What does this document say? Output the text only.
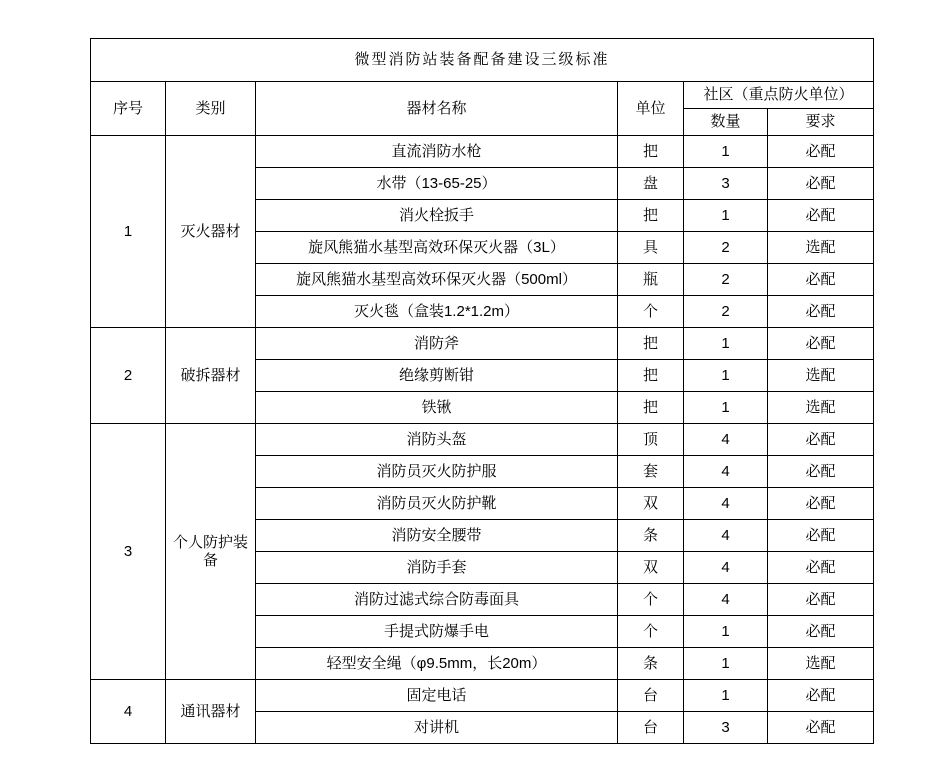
微型消防站装备配备建设三级标准					
序号	类别	器材名称	单位	社区（重点防火单位）	
				数量	要求
1	灭火器材	直流消防水枪	把	1	必配
		水带（13-65-25）	盘	3	必配
		消火栓扳手	把	1	必配
		旋风熊猫水基型高效环保灭火器（3L）	具	2	选配
		旋风熊猫水基型高效环保灭火器（500ml）	瓶	2	必配
		灭火毯（盒装1.2*1.2m）	个	2	必配
2	破拆器材	消防斧	把	1	必配
		绝缘剪断钳	把	1	选配
		铁锹	把	1	选配
3	个人防护装备	消防头盔	顶	4	必配
		消防员灭火防护服	套	4	必配
		消防员灭火防护靴	双	4	必配
		消防安全腰带	条	4	必配
		消防手套	双	4	必配
		消防过滤式综合防毒面具	个	4	必配
		手提式防爆手电	个	1	必配
		轻型安全绳（φ9.5mm，长20m）	条	1	选配
4	通讯器材	固定电话	台	1	必配
		对讲机	台	3	必配
